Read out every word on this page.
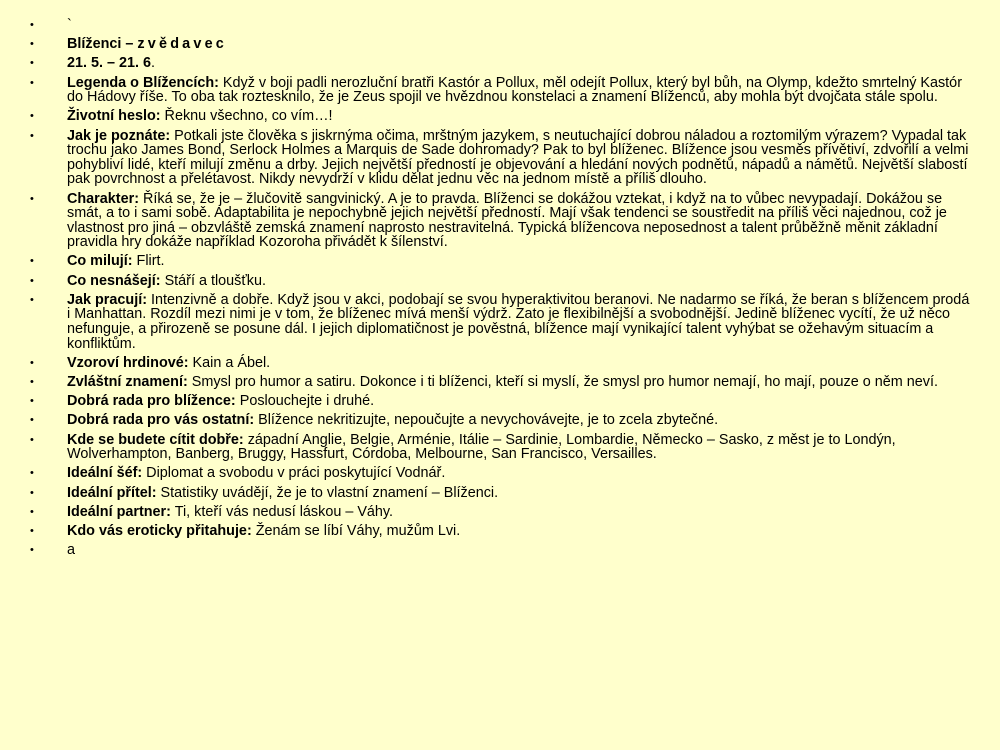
• `
• Blíženci – zvědavec
• 21. 5. – 21. 6.
• Legenda o Blížencích: Když v boji padli nerozluční bratři Kastór a Pollux, měl odejít Pollux, který byl bůh, na Olymp, kdežto smrtelný Kastór do Hádovy říše. To oba tak roztesknilo, že je Zeus spojil ve hvězdnou konstelaci a znamení Blíženců, aby mohla být dvojčata stále spolu.
• Životní heslo: Řeknu všechno, co vím…!
• Jak je poznáte: Potkali jste člověka s jiskrnýma očima, mrštným jazykem, s neutuchající dobrou náladou a roztomilým výrazem? Vypadal tak trochu jako James Bond, Serlock Holmes a Marquis de Sade dohromady? Pak to byl blíženec. Blížence jsou vesměs přívětiví, zdvořilí a velmi pohybliví lidé, kteří milují změnu a drby. Jejich největší předností je objevování a hledání nových podnětů, nápadů a námětů. Největší slabostí pak povrchnost a přelétavost. Nikdy nevydrží v klidu dělat jednu věc na jednom místě a příliš dlouho.
• Charakter: Říká se, že je – žlučovitě sangvinický. A je to pravda. Blíženci se dokážou vztekat, i když na to vůbec nevypadají. Dokážou se smát, a to i sami sobě. Adaptabilita je nepochybně jejich největší předností. Mají však tendenci se soustředit na příliš věci najednou, což je vlastnost pro jiná – obzvláště zemská znamení naprosto nestravitelná. Typická blížencova neposednost a talent průběžně měnit základní pravidla hry dokáže například Kozoroha přivádět k šílenství.
• Co milují: Flirt.
• Co nesnášejí: Stáří a tloušťku.
• Jak pracují: Intenzivně a dobře. Když jsou v akci, podobají se svou hyperaktivitou beranovi. Ne nadarmo se říká, že beran s blížencem prodá i Manhattan. Rozdíl mezi nimi je v tom, že blíženec mívá menší výdrž. Zato je flexibilnější a svobodnější. Jedině blíženec vycítí, že už něco nefunguje, a přirozeně se posune dál. I jejich diplomatičnost je pověstná, blížence mají vynikající talent vyhýbat se ožehavým situacím a konfliktům.
• Vzoroví hrdinové: Kain a Ábel.
• Zvláštní znamení: Smysl pro humor a satiru. Dokonce i ti blíženci, kteří si myslí, že smysl pro humor nemají, ho mají, pouze o něm neví.
• Dobrá rada pro blížence: Poslouchejte i druhé.
• Dobrá rada pro vás ostatní: Blížence nekritizujte, nepoučujte a nevychovávejte, je to zcela zbytečné.
• Kde se budete cítit dobře: západní Anglie, Belgie, Arménie, Itálie – Sardinie, Lombardie, Německo – Sasko, z měst je to Londýn, Wolverhampton, Banberg, Bruggy, Hassfurt, Córdoba, Melbourne, San Francisco, Versailles.
• Ideální šéf: Diplomat a svobodu v práci poskytující Vodnář.
• Ideální přítel: Statistiky uvádějí, že je to vlastní znamení – Blíženci.
• Ideální partner: Ti, kteří vás nedusí láskou – Váhy.
• Kdo vás eroticky přitahuje: Ženám se líbí Váhy, mužům Lvi.
• a
